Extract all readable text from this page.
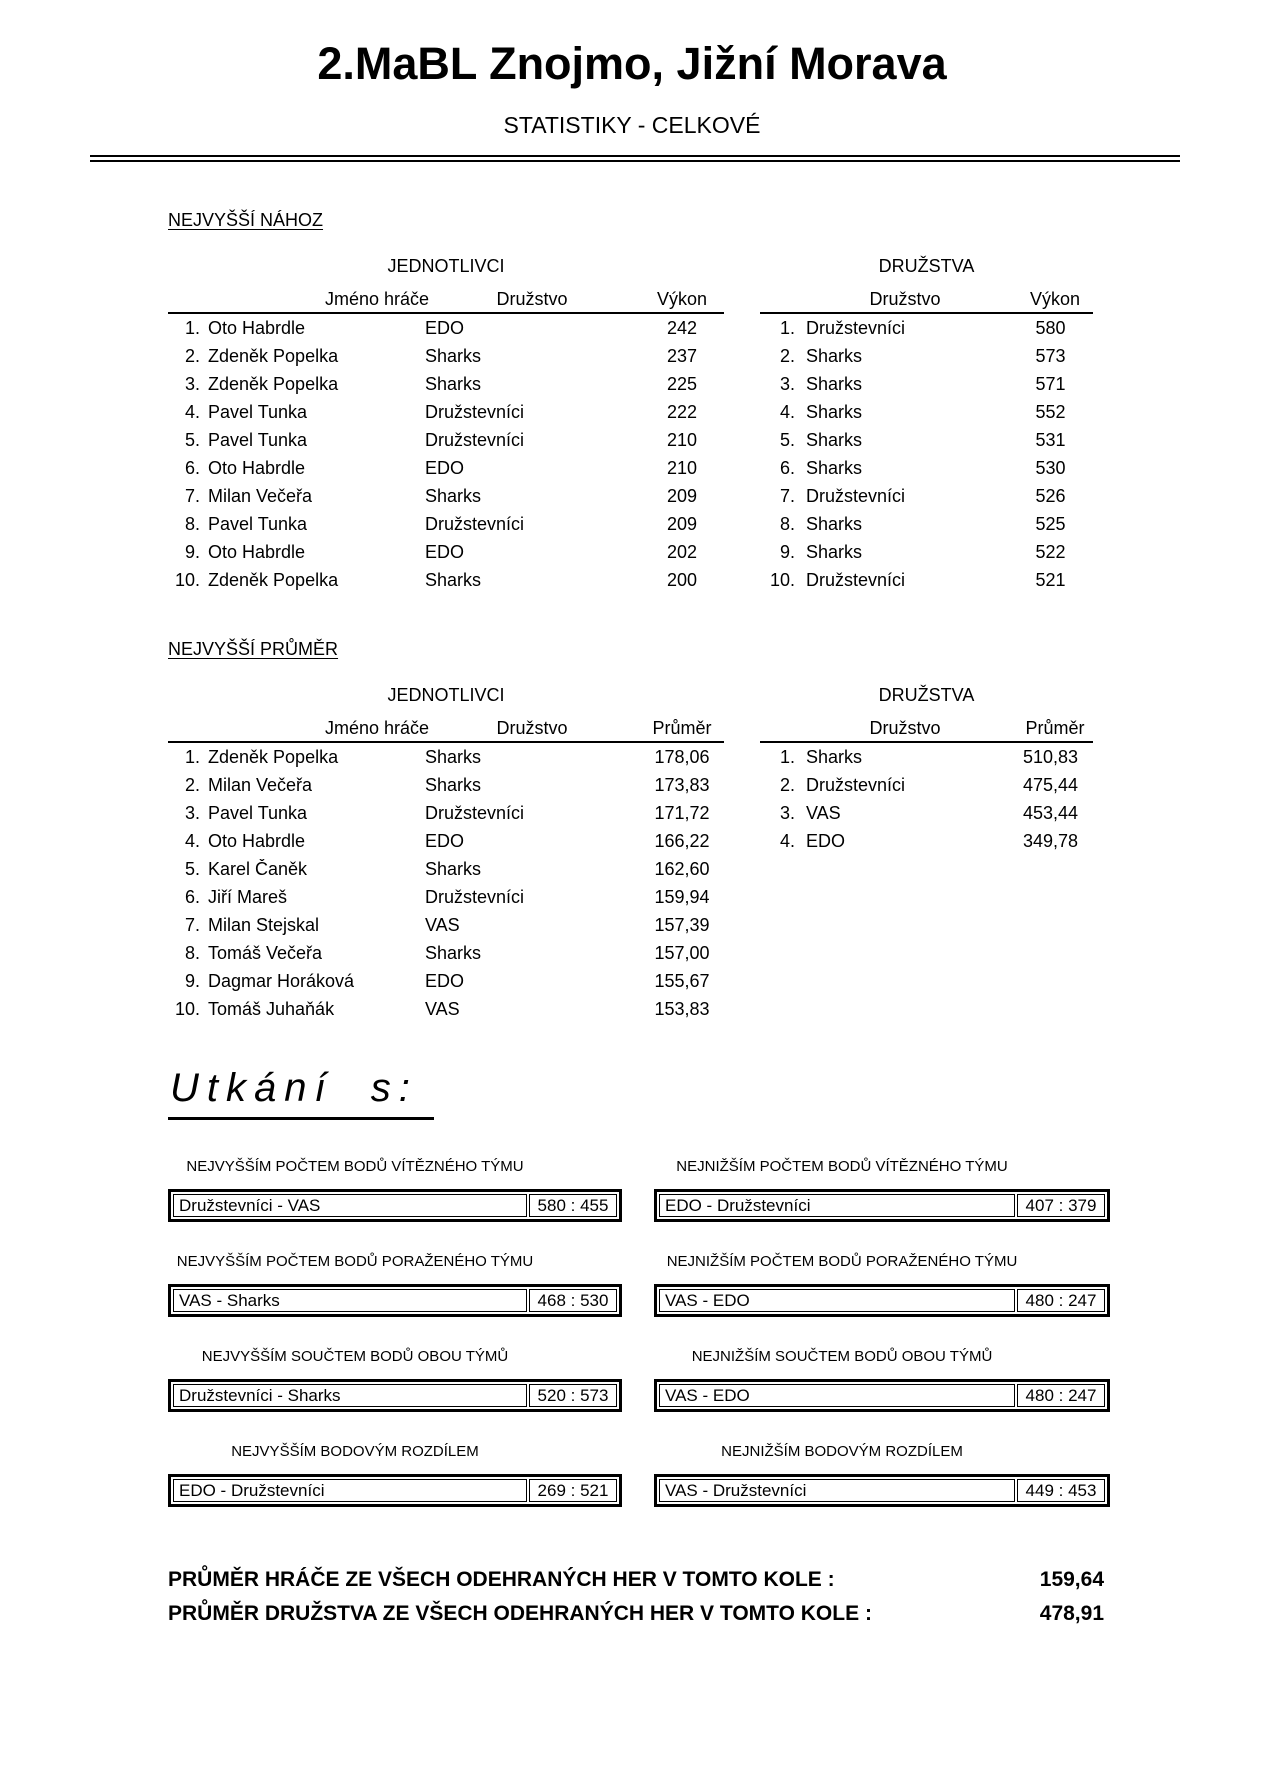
2.MaBL Znojmo, Jižní Morava
STATISTIKY - CELKOVÉ
NEJVYŠŠÍ NÁHOZ
JEDNOTLIVCI
Jméno hráče	Družstvo	Výkon
1. Oto Habrdle	EDO	242
2. Zdeněk Popelka	Sharks	237
3. Zdeněk Popelka	Sharks	225
4. Pavel Tunka	Družstevníci	222
5. Pavel Tunka	Družstevníci	210
6. Oto Habrdle	EDO	210
7. Milan Večeřa	Sharks	209
8. Pavel Tunka	Družstevníci	209
9. Oto Habrdle	EDO	202
10. Zdeněk Popelka	Sharks	200
DRUŽSTVA
Družstvo	Výkon
1. Družstevníci	580
2. Sharks	573
3. Sharks	571
4. Sharks	552
5. Sharks	531
6. Sharks	530
7. Družstevníci	526
8. Sharks	525
9. Sharks	522
10. Družstevníci	521
NEJVYŠŠÍ PRŮMĚR
JEDNOTLIVCI
Jméno hráče	Družstvo	Průměr
1. Zdeněk Popelka	Sharks	178,06
2. Milan Večeřa	Sharks	173,83
3. Pavel Tunka	Družstevníci	171,72
4. Oto Habrdle	EDO	166,22
5. Karel Čaněk	Sharks	162,60
6. Jiří Mareš	Družstevníci	159,94
7. Milan Stejskal	VAS	157,39
8. Tomáš Večeřa	Sharks	157,00
9. Dagmar Horáková	EDO	155,67
10. Tomáš Juhaňák	VAS	153,83
DRUŽSTVA
Družstvo	Průměr
1. Sharks	510,83
2. Družstevníci	475,44
3. VAS	453,44
4. EDO	349,78
Utkání s:
NEJVYŠŠÍM POČTEM BODŮ VÍTĚZNÉHO TÝMU
Družstevníci - VAS	580 : 455
NEJNIŽŠÍM POČTEM BODŮ VÍTĚZNÉHO TÝMU
EDO - Družstevníci	407 : 379
NEJVYŠŠÍM POČTEM BODŮ PORAŽENÉHO TÝMU
VAS - Sharks	468 : 530
NEJNIŽŠÍM POČTEM BODŮ PORAŽENÉHO TÝMU
VAS - EDO	480 : 247
NEJVYŠŠÍM SOUČTEM BODŮ OBOU TÝMŮ
Družstevníci - Sharks	520 : 573
NEJNIŽŠÍM SOUČTEM BODŮ OBOU TÝMŮ
VAS - EDO	480 : 247
NEJVYŠŠÍM BODOVÝM ROZDÍLEM
EDO - Družstevníci	269 : 521
NEJNIŽŠÍM BODOVÝM ROZDÍLEM
VAS - Družstevníci	449 : 453
PRŮMĚR HRÁČE ZE VŠECH ODEHRANÝCH HER V TOMTO KOLE :	159,64
PRŮMĚR DRUŽSTVA ZE VŠECH ODEHRANÝCH HER V TOMTO KOLE :	478,91
